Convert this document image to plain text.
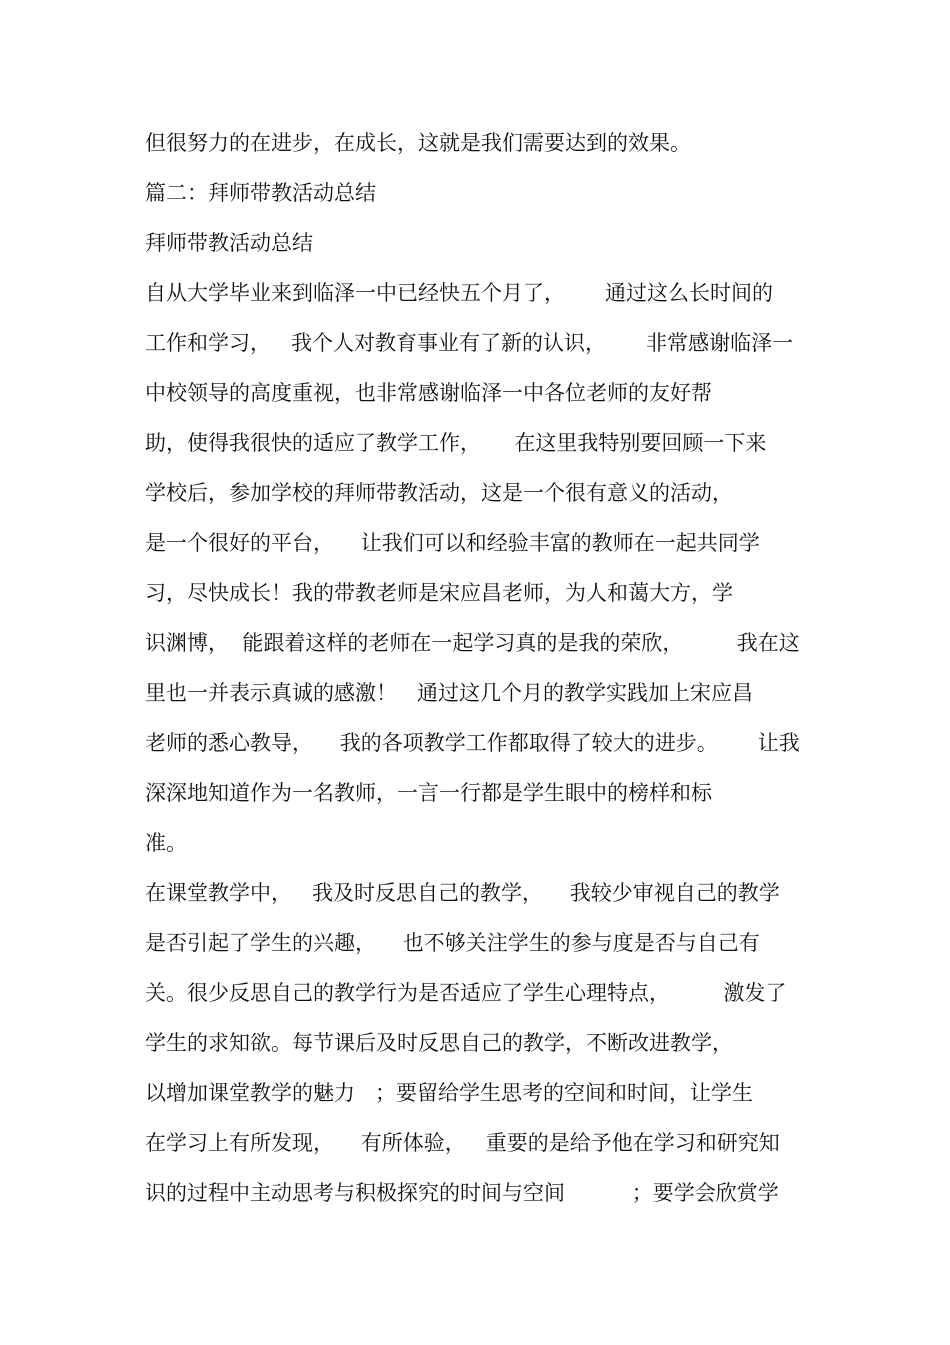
但很努力的在进步，在成长，这就是我们需要达到的效果。
篇二：拜师带教活动总结
拜师带教活动总结
自从大学毕业来到临泽一中已经快五个月了，      通过这么长时间的
工作和学习，   我个人对教育事业有了新的认识，      非常感谢临泽一
中校领导的高度重视，也非常感谢临泽一中各位老师的友好帮
助，使得我很快的适应了教学工作，     在这里我特别要回顾一下来
学校后，参加学校的拜师带教活动，这是一个很有意义的活动，
是一个很好的平台，    让我们可以和经验丰富的教师在一起共同学
习，尽快成长！我的带教老师是宋应昌老师，为人和蔼大方，学
识渊博，  能跟着这样的老师在一起学习真的是我的荣欣，        我在这
里也一并表示真诚的感激！   通过这几个月的教学实践加上宋应昌
老师的悉心教导，    我的各项教学工作都取得了较大的进步。      让我
深深地知道作为一名教师，一言一行都是学生眼中的榜样和标
准。
在课堂教学中，   我及时反思自己的教学，    我较少审视自己的教学
是否引起了学生的兴趣，    也不够关注学生的参与度是否与自己有
关。很少反思自己的教学行为是否适应了学生心理特点，        激发了
学生的求知欲。每节课后及时反思自己的教学，不断改进教学，
以增加课堂教学的魅力   ；要留给学生思考的空间和时间，让学生
在学习上有所发现，    有所体验，   重要的是给予他在学习和研究知
识的过程中主动思考与积极探究的时间与空间          ；要学会欣赏学
